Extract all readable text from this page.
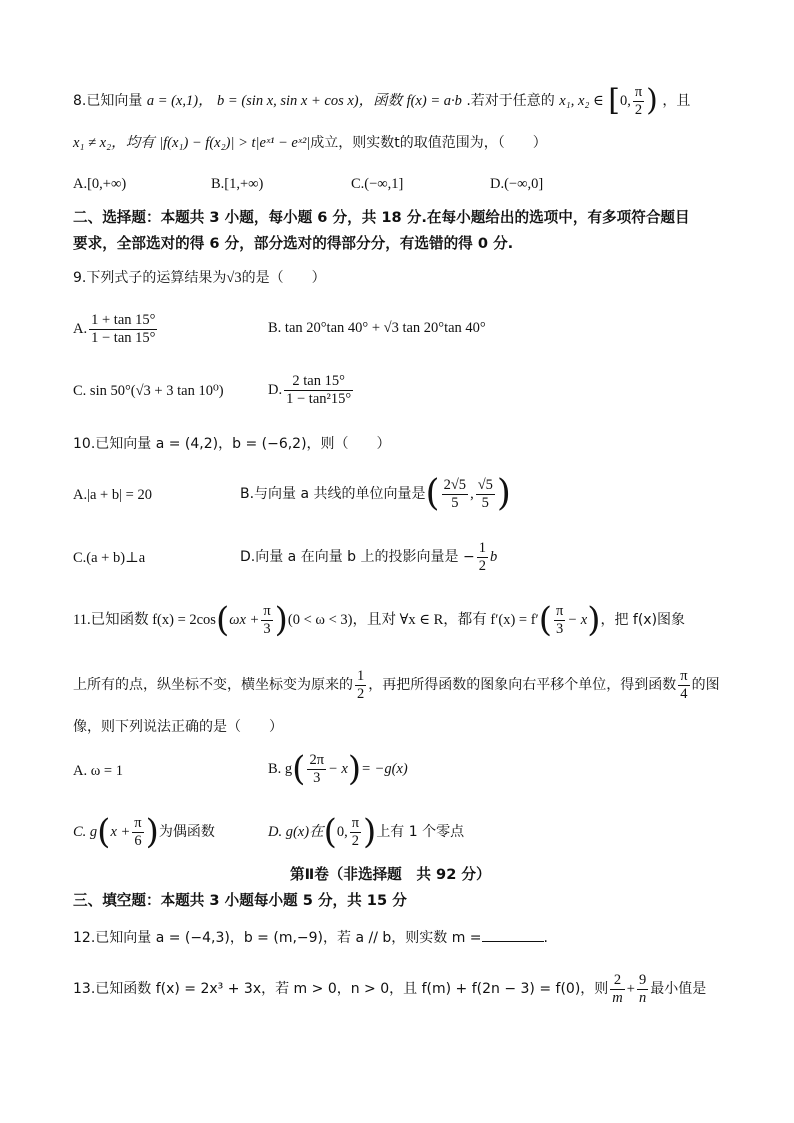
8.已知向量 a = (x,1)， b = (sin x, sin x + cos x)，函数 f(x) = a·b .若对于任意的 x₁, x₂ ∈ [0, $\frac{\pi}{2}$ ) ，且
x₁ ≠ x₂，均有 |f(x₁) − f(x₂)| > t|eˣ¹ − eˣ²|成立，则实数t的取值范围为，（　　）
A.[0,+∞)	B.[1,+∞)	C.(−∞,1]	D.(−∞,0]
二、选择题：本题共 3 小题，每小题 6 分，共 18 分.在每小题给出的选项中，有多项符合题目
要求，全部选对的得 6 分，部分选对的得部分分，有选错的得 0 分.
9.下列式子的运算结果为√3的是（　　）
A. $\frac{1 + \tan 15^\circ}{1 - \tan 15^\circ}$	B. tan 20°tan 40° + √3 tan 20°tan 40°
C. sin 50°(√3 + 3 tan 10⁰)	D. $\frac{2 \tan 15^\circ}{\text{1 − tan²15°}}$
10.已知向量 a = (4,2)，b = (−6,2)，则（　　）
A.|a + b| = 20	B.与向量 a 共线的单位向量是( $\frac{2√5}{5}$ , $\frac{√5}{5}$ )
C.(a + b)⊥a	D.向量 a 在向量 b 上的投影向量是 − $\frac{1}{2}$ b
11.已知函数 $f(x) = 2\cos(\omega x + \frac{\pi}{3} )(0 < \omega < 3)$，且对 ∀x ∈ R，都有 $f'(x) = f'( \frac{\pi}{3} - x)$，把 f(x)图象
上所有的点，纵坐标不变，横坐标变为原来的 $\frac{1}{2}$ ，再把所得函数的图象向右平移个单位，得到函数 $\frac{\pi}{4}$ 的图
像，则下列说法正确的是（　　）
A. ω = 1	B. $g( \frac{2\pi}{3} - x)= -g(x)$
C. $g(x + \frac{\pi}{6}$ )为偶函数	D. g(x)在(0, $\frac{\pi}{2}$ )上有 1 个零点
第Ⅱ卷（非选择题　共 92 分）
三、填空题：本题共 3 小题每小题 5 分，共 15 分
12.已知向量 a = (−4,3)，b = (m,−9)，若 a // b，则实数 m =	.
13.已知函数 f(x) = 2x³ + 3x，若 m > 0，n > 0，且 f(m) + f(2n − 3) = f(0)，则 $\frac{2}{m} + \frac{9}{n}$ 最小值是
